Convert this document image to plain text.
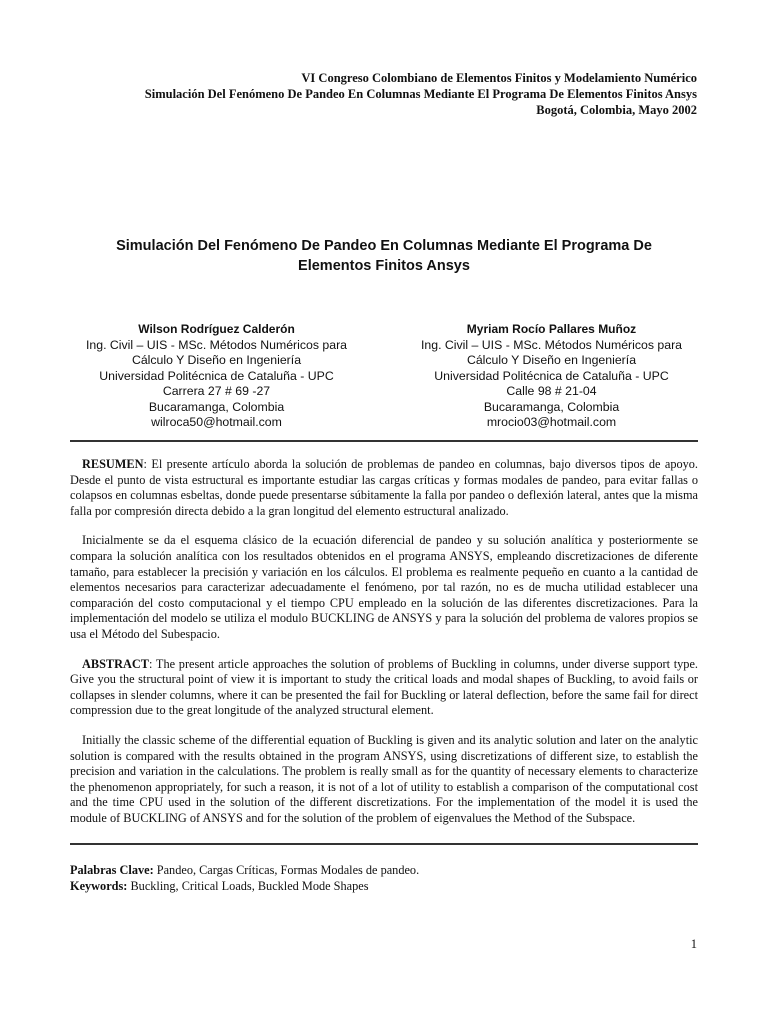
VI Congreso Colombiano de Elementos Finitos y Modelamiento Numérico
Simulación Del Fenómeno De Pandeo En Columnas Mediante El Programa De Elementos Finitos Ansys
Bogotá, Colombia, Mayo 2002
Simulación Del Fenómeno De Pandeo En Columnas Mediante El Programa De
Elementos Finitos Ansys
Wilson Rodríguez Calderón
Ing. Civil – UIS - MSc. Métodos Numéricos para
Cálculo Y Diseño en Ingeniería
Universidad Politécnica de Cataluña - UPC
Carrera 27 # 69 -27
Bucaramanga, Colombia
wilroca50@hotmail.com
Myriam Rocío Pallares Muñoz
Ing. Civil – UIS - MSc. Métodos Numéricos para
Cálculo Y Diseño en Ingeniería
Universidad Politécnica de Cataluña - UPC
Calle 98 # 21-04
Bucaramanga, Colombia
mrocio03@hotmail.com

RESUMEN: El presente artículo aborda la solución de problemas de pandeo en columnas, bajo diversos tipos de apoyo. Desde el punto de vista estructural es importante estudiar las cargas críticas y formas modales de pandeo, para evitar fallas o colapsos en columnas esbeltas, donde puede presentarse súbitamente la falla por pandeo o deflexión lateral, antes que la misma falla por compresión directa debido a la gran longitud del elemento estructural analizado.

Inicialmente se da el esquema clásico de la ecuación diferencial de pandeo y su solución analítica y posteriormente se compara la solución analítica con los resultados obtenidos en el programa ANSYS, empleando discretizaciones de diferente tamaño, para establecer la precisión y variación en los cálculos. El problema es realmente pequeño en cuanto a la cantidad de elementos necesarios para caracterizar adecuadamente el fenómeno, por tal razón, no es de mucha utilidad establecer una comparación del costo computacional y el tiempo CPU empleado en la solución de las diferentes discretizaciones. Para la implementación del modelo se utiliza el modulo BUCKLING de ANSYS y para la solución del problema de valores propios se usa el Método del Subespacio.

ABSTRACT: The present article approaches the solution of problems of Buckling in columns, under diverse support type. Give you the structural point of view it is important to study the critical loads and modal shapes of Buckling, to avoid fails or collapses in slender columns, where it can be presented the fail for Buckling or lateral deflection, before the same fail for direct compression due to the great longitude of the analyzed structural element.

Initially the classic scheme of the differential equation of Buckling is given and its analytic solution and later on the analytic solution is compared with the results obtained in the program ANSYS, using discretizations of different size, to establish the precision and variation in the calculations. The problem is really small as for the quantity of necessary elements to characterize the phenomenon appropriately, for such a reason, it is not of a lot of utility to establish a comparison of the computational cost and the time CPU used in the solution of the different discretizations. For the implementation of the model it is used the module of BUCKLING of ANSYS and for the solution of the problem of eigenvalues the Method of the Subspace.

Palabras Clave: Pandeo, Cargas Críticas, Formas Modales de pandeo.
Keywords: Buckling, Critical Loads, Buckled Mode Shapes
1
